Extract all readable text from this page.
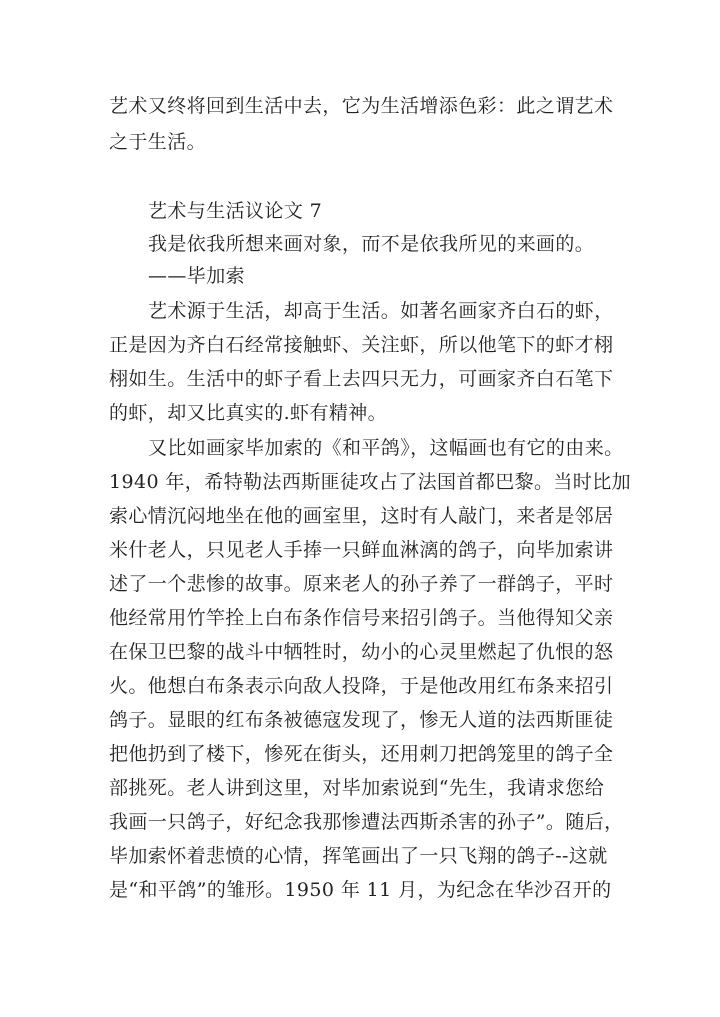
艺术又终将回到生活中去，它为生活增添色彩：此之谓艺术
之于生活。
艺术与生活议论文 7
我是依我所想来画对象，而不是依我所见的来画的。
——毕加索
艺术源于生活，却高于生活。如著名画家齐白石的虾，
正是因为齐白石经常接触虾、关注虾，所以他笔下的虾才栩
栩如生。生活中的虾子看上去四只无力，可画家齐白石笔下
的虾，却又比真实的.虾有精神。
又比如画家毕加索的《和平鸽》，这幅画也有它的由来。
1940 年，希特勒法西斯匪徒攻占了法国首都巴黎。当时比加
索心情沉闷地坐在他的画室里，这时有人敲门，来者是邻居
米什老人，只见老人手捧一只鲜血淋漓的鸽子，向毕加索讲
述了一个悲惨的故事。原来老人的孙子养了一群鸽子，平时
他经常用竹竿拴上白布条作信号来招引鸽子。当他得知父亲
在保卫巴黎的战斗中牺牲时，幼小的心灵里燃起了仇恨的怒
火。他想白布条表示向敌人投降，于是他改用红布条来招引
鸽子。显眼的红布条被德寇发现了，惨无人道的法西斯匪徒
把他扔到了楼下，惨死在街头，还用刺刀把鸽笼里的鸽子全
部挑死。老人讲到这里，对毕加索说到“先生，我请求您给
我画一只鸽子，好纪念我那惨遭法西斯杀害的孙子”。随后，
毕加索怀着悲愤的心情，挥笔画出了一只飞翔的鸽子--这就
是“和平鸽”的雏形。1950 年 11 月，为纪念在华沙召开的
